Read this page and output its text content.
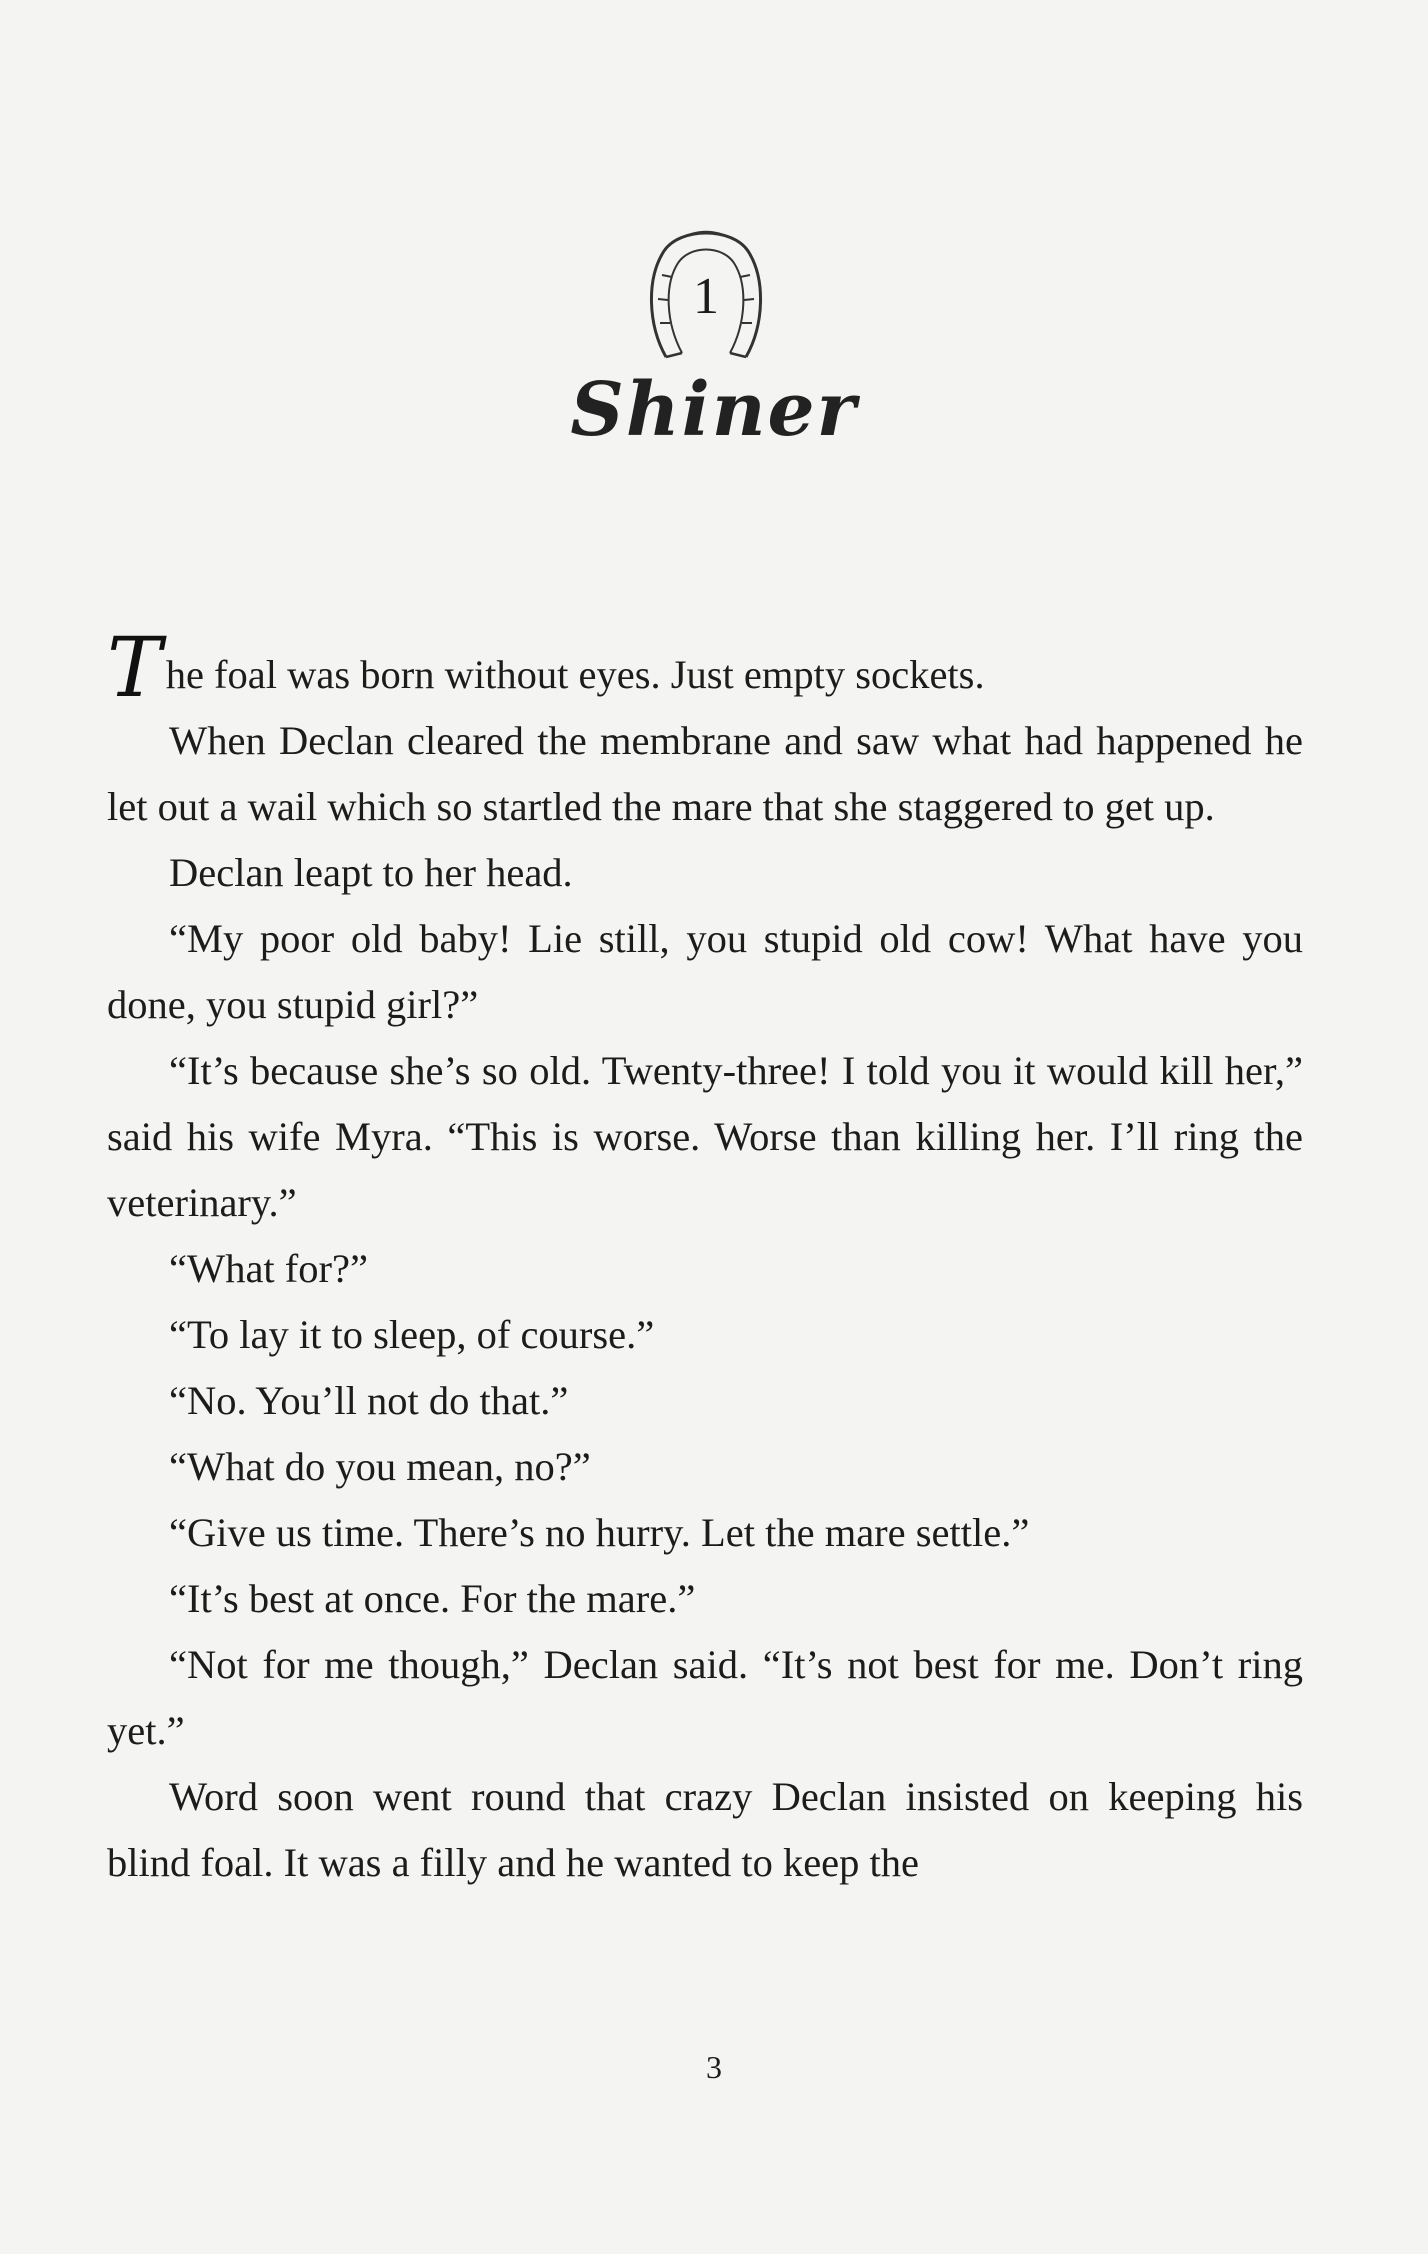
1
Shiner

The foal was born without eyes. Just empty sockets.

When Declan cleared the membrane and saw what had happened he let out a wail which so startled the mare that she staggered to get up.

Declan leapt to her head.

“My poor old baby! Lie still, you stupid old cow! What have you done, you stupid girl?”

“It’s because she’s so old. Twenty-three! I told you it would kill her,” said his wife Myra. “This is worse. Worse than killing her. I’ll ring the veterinary.”

“What for?”

“To lay it to sleep, of course.”

“No. You’ll not do that.”

“What do you mean, no?”

“Give us time. There’s no hurry. Let the mare settle.”

“It’s best at once. For the mare.”

“Not for me though,” Declan said. “It’s not best for me. Don’t ring yet.”

Word soon went round that crazy Declan insisted on keeping his blind foal. It was a filly and he wanted to keep the

3
